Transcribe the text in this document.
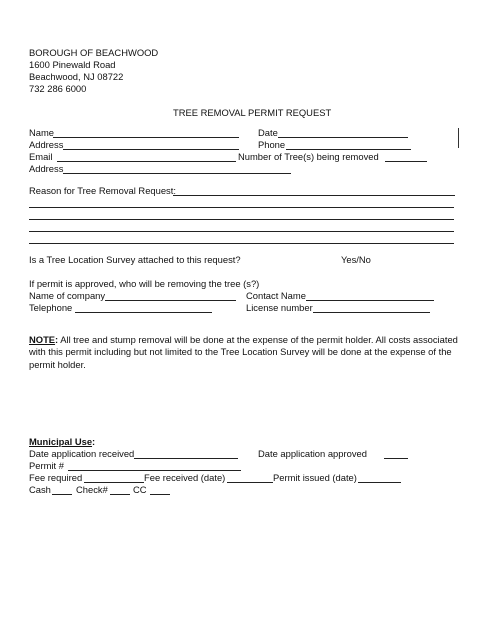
BOROUGH OF BEACHWOOD
1600 Pinewald Road
Beachwood, NJ 08722
732 286 6000
TREE REMOVAL PERMIT REQUEST
Name	Date
Address	Phone
Email	Number of Tree(s) being removed
Address
Reason for Tree Removal Request:
Is a Tree Location Survey attached to this request?	Yes/No
If permit is approved, who will be removing the tree (s?)
Name of company	Contact Name
Telephone	License number
NOTE: All tree and stump removal will be done at the expense of the permit holder. All costs associated with this permit including but not limited to the Tree Location Survey will be done at the expense of the permit holder.
Municipal Use:
Date application received	Date application approved
Permit #
Fee required	Fee received (date)	Permit issued (date)
Cash	Check#	CC
